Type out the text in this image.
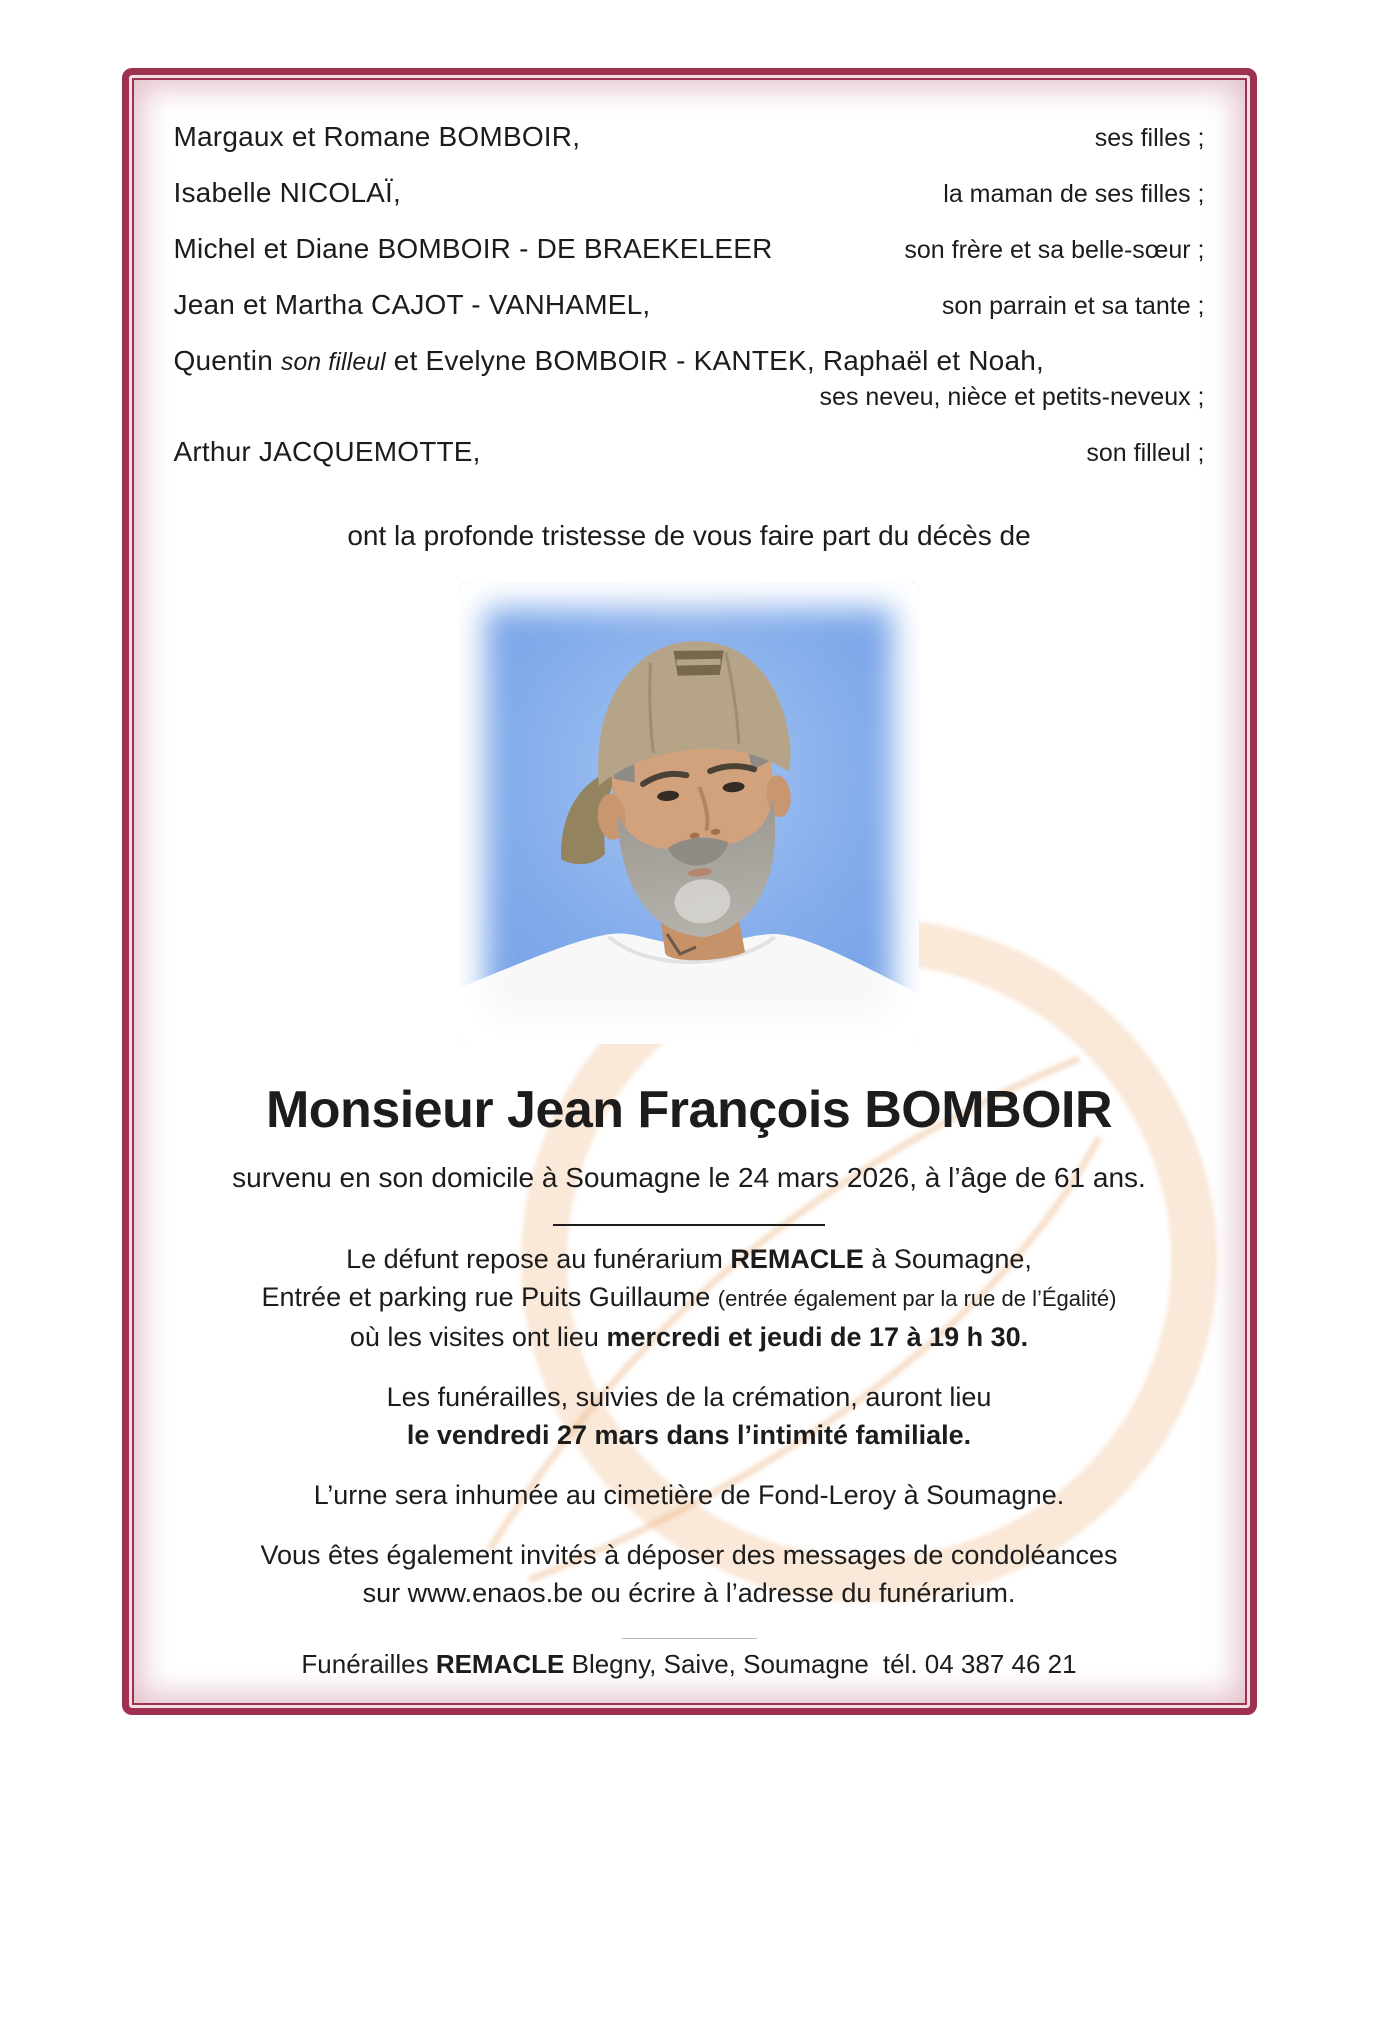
Margaux et Romane BOMBOIR,	ses filles ;
Isabelle NICOLAÏ,	la maman de ses filles ;
Michel et Diane BOMBOIR - DE BRAEKELEER	son frère et sa belle-sœur ;
Jean et Martha CAJOT - VANHAMEL,	son parrain et sa tante ;
Quentin son filleul et Evelyne BOMBOIR - KANTEK, Raphaël et Noah,
ses neveu, nièce et petits-neveux ;
Arthur JACQUEMOTTE,	son filleul ;

ont la profonde tristesse de vous faire part du décès de

Monsieur Jean François BOMBOIR

survenu en son domicile à Soumagne le 24 mars 2026, à l’âge de 61 ans.

Le défunt repose au funérarium REMACLE à Soumagne,
Entrée et parking rue Puits Guillaume (entrée également par la rue de l’Égalité)
où les visites ont lieu mercredi et jeudi de 17 à 19 h 30.

Les funérailles, suivies de la crémation, auront lieu
le vendredi 27 mars dans l’intimité familiale.

L’urne sera inhumée au cimetière de Fond-Leroy à Soumagne.

Vous êtes également invités à déposer des messages de condoléances
sur www.enaos.be ou écrire à l’adresse du funérarium.

Funérailles REMACLE Blegny, Saive, Soumagne tél. 04 387 46 21
